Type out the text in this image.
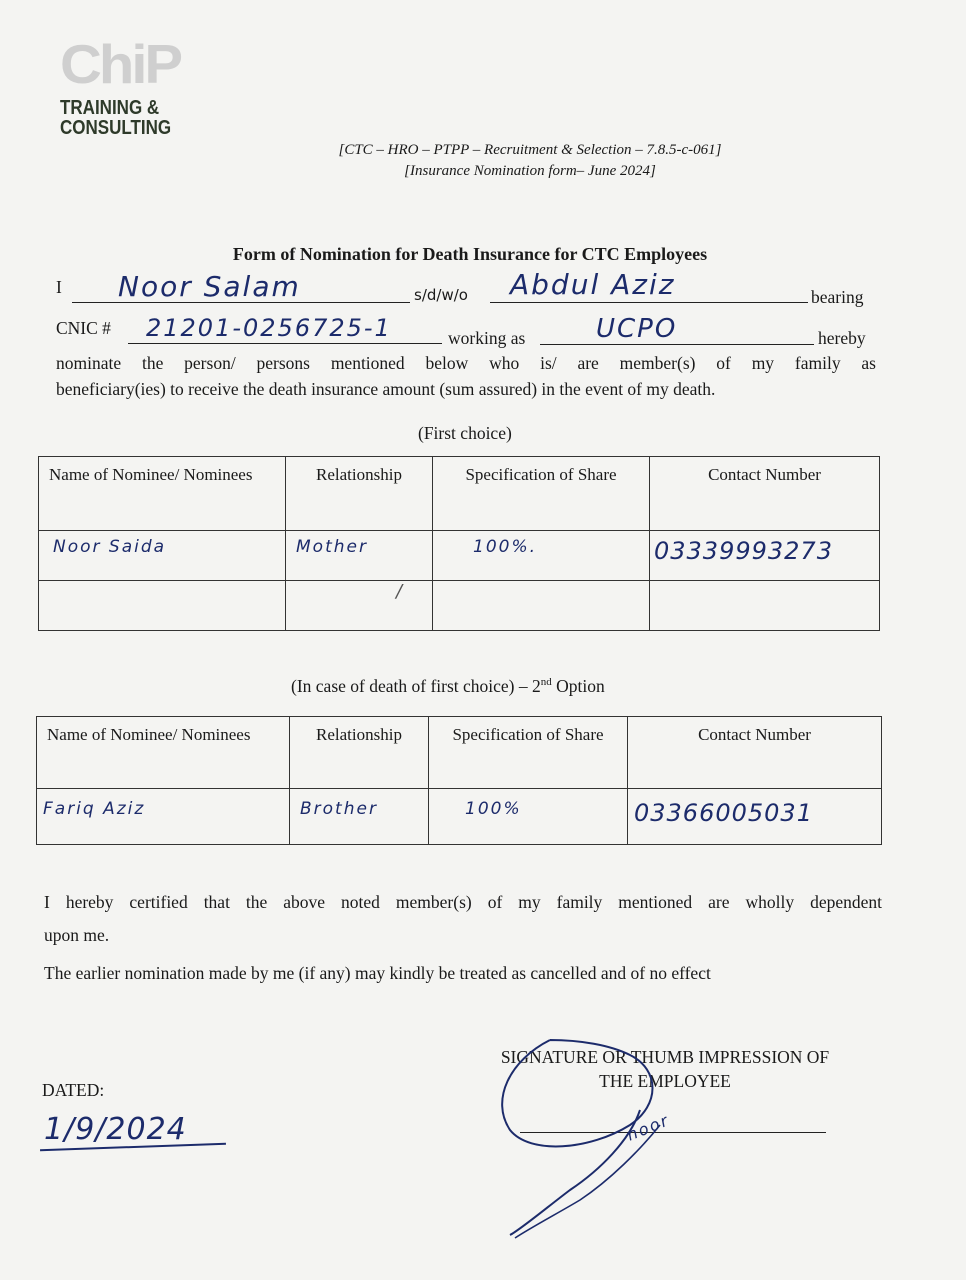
ChiP
TRAINING &
CONSULTING
[CTC – HRO – PTPP – Recruitment & Selection – 7.8.5-c-061]
[Insurance Nomination form– June 2024]
Form of Nomination for Death Insurance for CTC Employees
I Noor Salam	s/d/w/o Abdul Aziz	bearing
CNIC # 21201-0256725-1	working as	UCPO	hereby
nominate the person/ persons mentioned below who is/ are member(s) of my family as
beneficiary(ies) to receive the death insurance amount (sum assured) in the event of my death.
(First choice)
Name of Nominee/ Nominees	Relationship	Specification of Share	Contact Number
Noor Saida	Mother	100%.	03339993273
	/		
(In case of death of first choice) – 2nd Option
Name of Nominee/ Nominees	Relationship	Specification of Share	Contact Number
Fariq Aziz	Brother	100%	03366005031
I hereby certified that the above noted member(s) of my family mentioned are wholly dependent
upon me.
The earlier nomination made by me (if any) may kindly be treated as cancelled and of no effect
DATED:
1/9/2024
SIGNATURE OR THUMB IMPRESSION OF
THE EMPLOYEE
noor
